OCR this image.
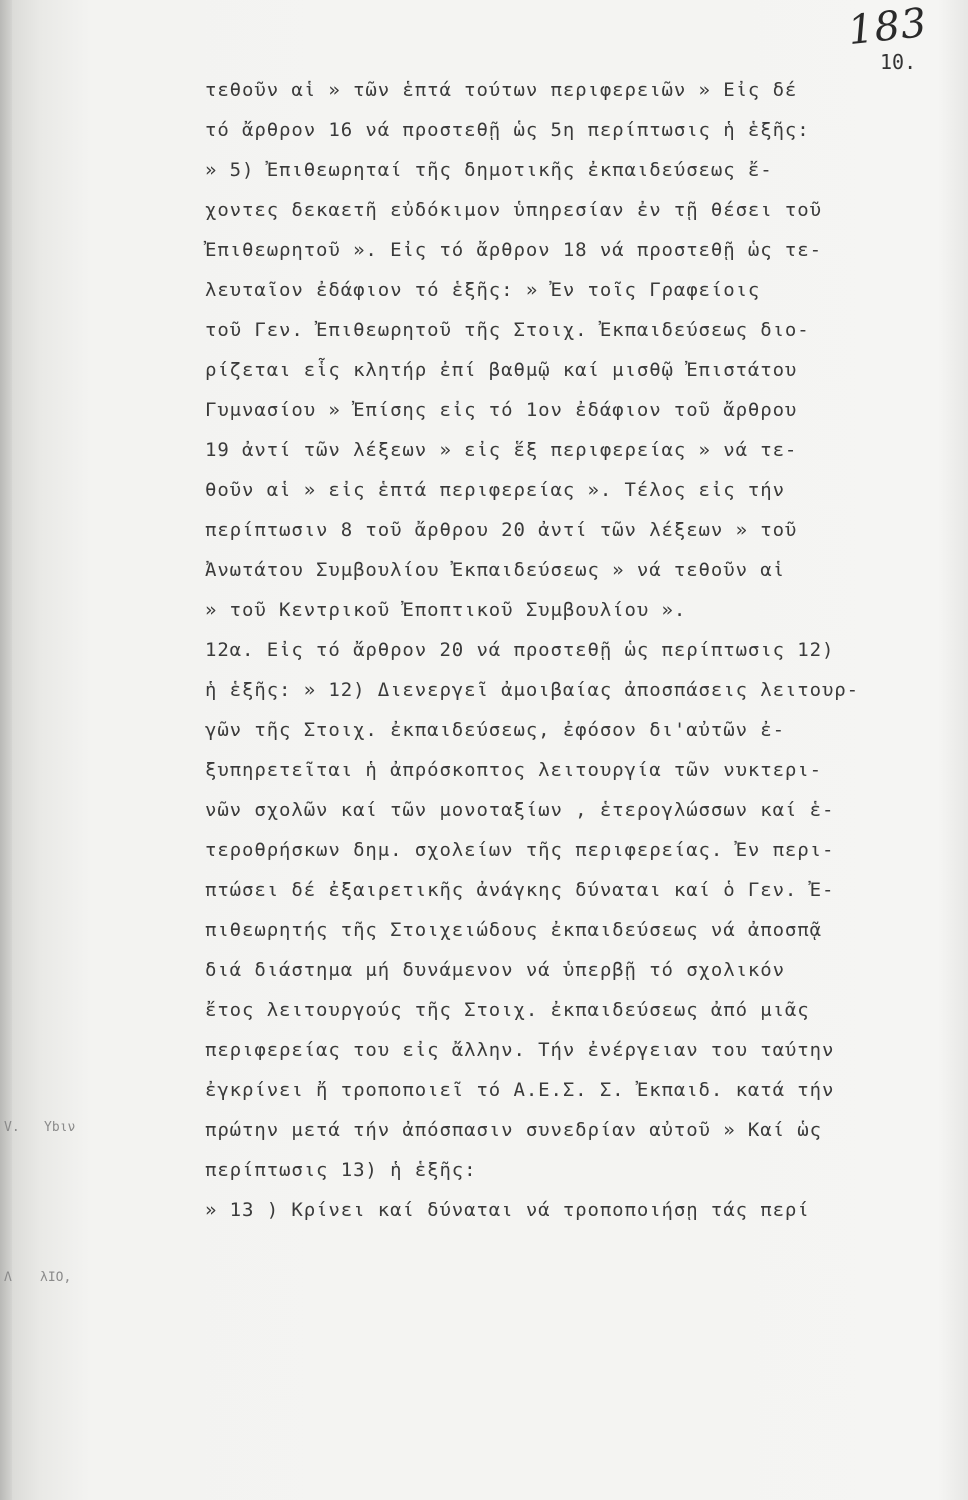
183
10.
V. Ybιν
Λ λΙΟ,
τεθοῦν αἱ » τῶν ἑπτά τούτων περιφερειῶν » Εἰς δέ
τό ἄρθρον 16 νά προστεθῇ ὡς 5η περίπτωσις ἡ ἑξῆς:
» 5) Ἐπιθεωρηταί τῆς δημοτικῆς ἐκπαιδεύσεως ἔ-
χοντες δεκαετῆ εὐδόκιμον ὑπηρεσίαν ἐν τῇ θέσει τοῦ
Ἐπιθεωρητοῦ ». Εἰς τό ἄρθρον 18 νά προστεθῇ ὡς τε-
λευταῖον ἐδάφιον τό ἑξῆς: » Ἐν τοῖς Γραφείοις
τοῦ Γεν. Ἐπιθεωρητοῦ τῆς Στοιχ. Ἐκπαιδεύσεως διο-
ρίζεται εἷς κλητήρ ἐπί βαθμῷ καί μισθῷ Ἐπιστάτου
Γυμνασίου » Ἐπίσης εἰς τό 1ον ἐδάφιον τοῦ ἄρθρου
19 ἀντί τῶν λέξεων » εἰς ἕξ περιφερείας » νά τε-
θοῦν αἱ » εἰς ἑπτά περιφερείας ». Τέλος εἰς τήν
περίπτωσιν 8 τοῦ ἄρθρου 20 ἀντί τῶν λέξεων » τοῦ
Ἀνωτάτου Συμβουλίου Ἐκπαιδεύσεως » νά τεθοῦν αἱ
» τοῦ Κεντρικοῦ Ἐποπτικοῦ Συμβουλίου ».
12α. Εἰς τό ἄρθρον 20 νά προστεθῇ ὡς περίπτωσις 12)
ἡ ἑξῆς: » 12) Διενεργεῖ ἀμοιβαίας ἀποσπάσεις λειτουρ-
γῶν τῆς Στοιχ. ἐκπαιδεύσεως, ἐφόσον δι'αὐτῶν ἐ-
ξυπηρετεῖται ἡ ἀπρόσκοπτος λειτουργία τῶν νυκτερι-
νῶν σχολῶν καί τῶν μονοταξίων , ἑτερογλώσσων καί ἑ-
τεροθρήσκων δημ. σχολείων τῆς περιφερείας. Ἐν περι-
πτώσει δέ ἐξαιρετικῆς ἀνάγκης δύναται καί ὁ Γεν. Ἐ-
πιθεωρητής τῆς Στοιχειώδους ἐκπαιδεύσεως νά ἀποσπᾷ
διά διάστημα μή δυνάμενον νά ὑπερβῇ τό σχολικόν
ἔτος λειτουργούς τῆς Στοιχ. ἐκπαιδεύσεως ἀπό μιᾶς
περιφερείας του εἰς ἄλλην. Τήν ἐνέργειαν του ταύτην
ἐγκρίνει ἤ τροποποιεῖ τό Α.Ε.Σ. Σ. Ἐκπαιδ. κατά τήν
πρώτην μετά τήν ἀπόσπασιν συνεδρίαν αὐτοῦ » Καί ὡς
περίπτωσις 13) ἡ ἑξῆς:
» 13 ) Κρίνει καί δύναται νά τροποποιήσῃ τάς περί
